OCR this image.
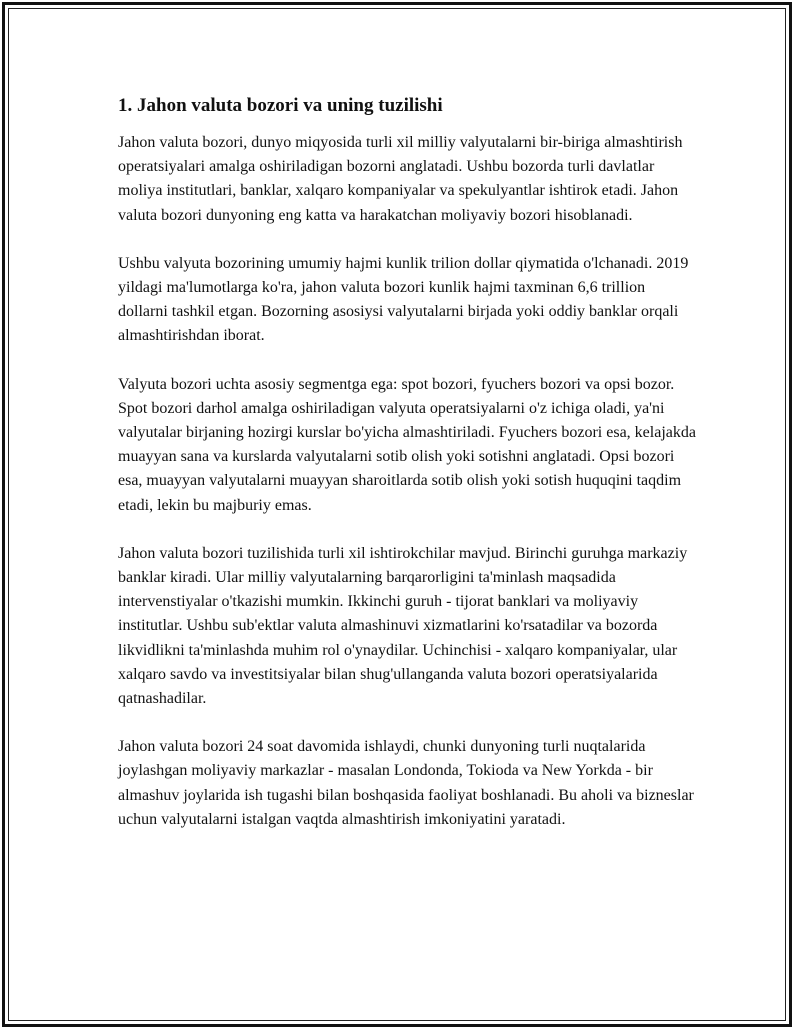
1. Jahon valuta bozori va uning tuzilishi

Jahon valuta bozori, dunyo miqyosida turli xil milliy valyutalarni bir-biriga almashtirish operatsiyalari amalga oshiriladigan bozorni anglatadi. Ushbu bozorda turli davlatlar moliya institutlari, banklar, xalqaro kompaniyalar va spekulyantlar ishtirok etadi. Jahon valuta bozori dunyoning eng katta va harakatchan moliyaviy bozori hisoblanadi.

Ushbu valyuta bozorining umumiy hajmi kunlik trilion dollar qiymatida o'lchanadi. 2019 yildagi ma'lumotlarga ko'ra, jahon valuta bozori kunlik hajmi taxminan 6,6 trillion dollarni tashkil etgan. Bozorning asosiysi valyutalarni birjada yoki oddiy banklar orqali almashtirishdan iborat.

Valyuta bozori uchta asosiy segmentga ega: spot bozori, fyuchers bozori va opsi bozor. Spot bozori darhol amalga oshiriladigan valyuta operatsiyalarni o'z ichiga oladi, ya'ni valyutalar birjaning hozirgi kurslar bo'yicha almashtiriladi. Fyuchers bozori esa, kelajakda muayyan sana va kurslarda valyutalarni sotib olish yoki sotishni anglatadi. Opsi bozori esa, muayyan valyutalarni muayyan sharoitlarda sotib olish yoki sotish huquqini taqdim etadi, lekin bu majburiy emas.

Jahon valuta bozori tuzilishida turli xil ishtirokchilar mavjud. Birinchi guruhga markaziy banklar kiradi. Ular milliy valyutalarning barqarorligini ta'minlash maqsadida intervenstiyalar o'tkazishi mumkin. Ikkinchi guruh - tijorat banklari va moliyaviy institutlar. Ushbu sub'ektlar valuta almashinuvi xizmatlarini ko'rsatadilar va bozorda likvidlikni ta'minlashda muhim rol o'ynaydilar. Uchinchisi - xalqaro kompaniyalar, ular xalqaro savdo va investitsiyalar bilan shug'ullanganda valuta bozori operatsiyalarida qatnashadilar.

Jahon valuta bozori 24 soat davomida ishlaydi, chunki dunyoning turli nuqtalarida joylashgan moliyaviy markazlar - masalan Londonda, Tokioda va New Yorkda - bir almashuv joylarida ish tugashi bilan boshqasida faoliyat boshlanadi. Bu aholi va bizneslar uchun valyutalarni istalgan vaqtda almashtirish imkoniyatini yaratadi.
